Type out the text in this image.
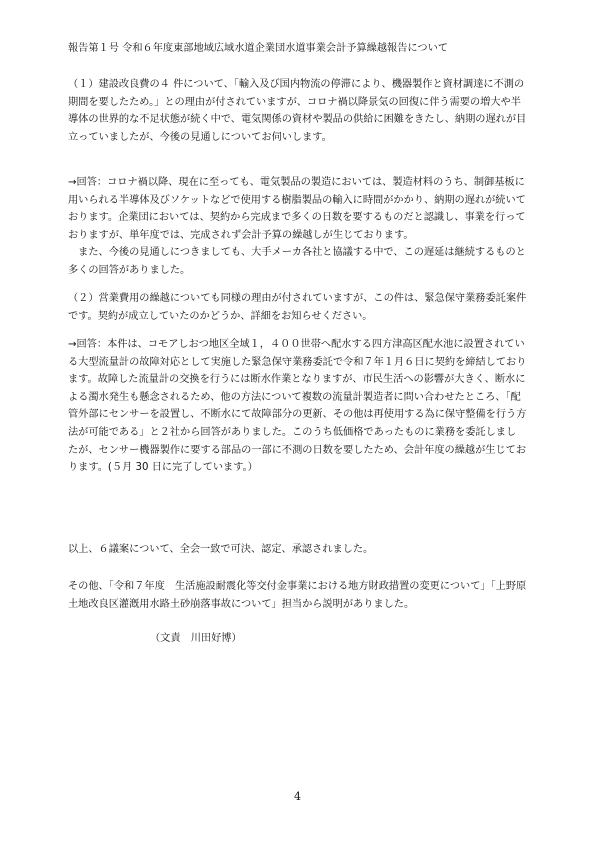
報告第１号 令和６年度東部地域広域水道企業団水道事業会計予算繰越報告について

（１）建設改良費の４ 件について、「輸入及び国内物流の停滞により、機器製作と資材調達に不測の
期間を要したため。」との理由が付されていますが、コロナ禍以降景気の回復に伴う需要の増大や半
導体の世界的な不足状態が続く中で、電気関係の資材や製品の供給に困難をきたし、納期の遅れが目
立っていましたが、今後の見通しについてお伺いします。

→回答：コロナ禍以降、現在に至っても、電気製品の製造においては、製造材料のうち、制御基板に
用いられる半導体及びソケットなどで使用する樹脂製品の輸入に時間がかかり、納期の遅れが続いて
おります。企業団においては、契約から完成まで多くの日数を要するものだと認識し、事業を行って
おりますが、単年度では、完成されず会計予算の繰越しが生じております。
　また、今後の見通しにつきましても、大手メーカ各社と協議する中で、この遅延は継続するものと
多くの回答がありました。

（２）営業費用の繰越についても同様の理由が付されていますが、この件は、緊急保守業務委託案件
です。契約が成立していたのかどうか、詳細をお知らせください。

→回答：本件は、コモアしおつ地区全域１，４００世帯へ配水する四方津高区配水池に設置されてい
る大型流量計の故障対応として実施した緊急保守業務委託で令和７年１月６日に契約を締結しており
ます。故障した流量計の交換を行うには断水作業となりますが、市民生活への影響が大きく、断水に
よる濁水発生も懸念されるため、他の方法について複数の流量計製造者に問い合わせたところ、「配
管外部にセンサーを設置し、不断水にて故障部分の更新、その他は再使用する為に保守整備を行う方
法が可能である」と２社から回答がありました。このうち低価格であったものに業務を委託しまし
たが、センサー機器製作に要する部品の一部に不測の日数を要したため、会計年度の繰越が生じてお
ります。(５月 30 日に完了しています。）

以上、６議案について、全会一致で可決、認定、承認されました。

その他、「令和７年度　生活施設耐震化等交付金事業における地方財政措置の変更について」「上野原
土地改良区灌漑用水路土砂崩落事故について」担当から説明がありました。

（文責　川田好博）

4
